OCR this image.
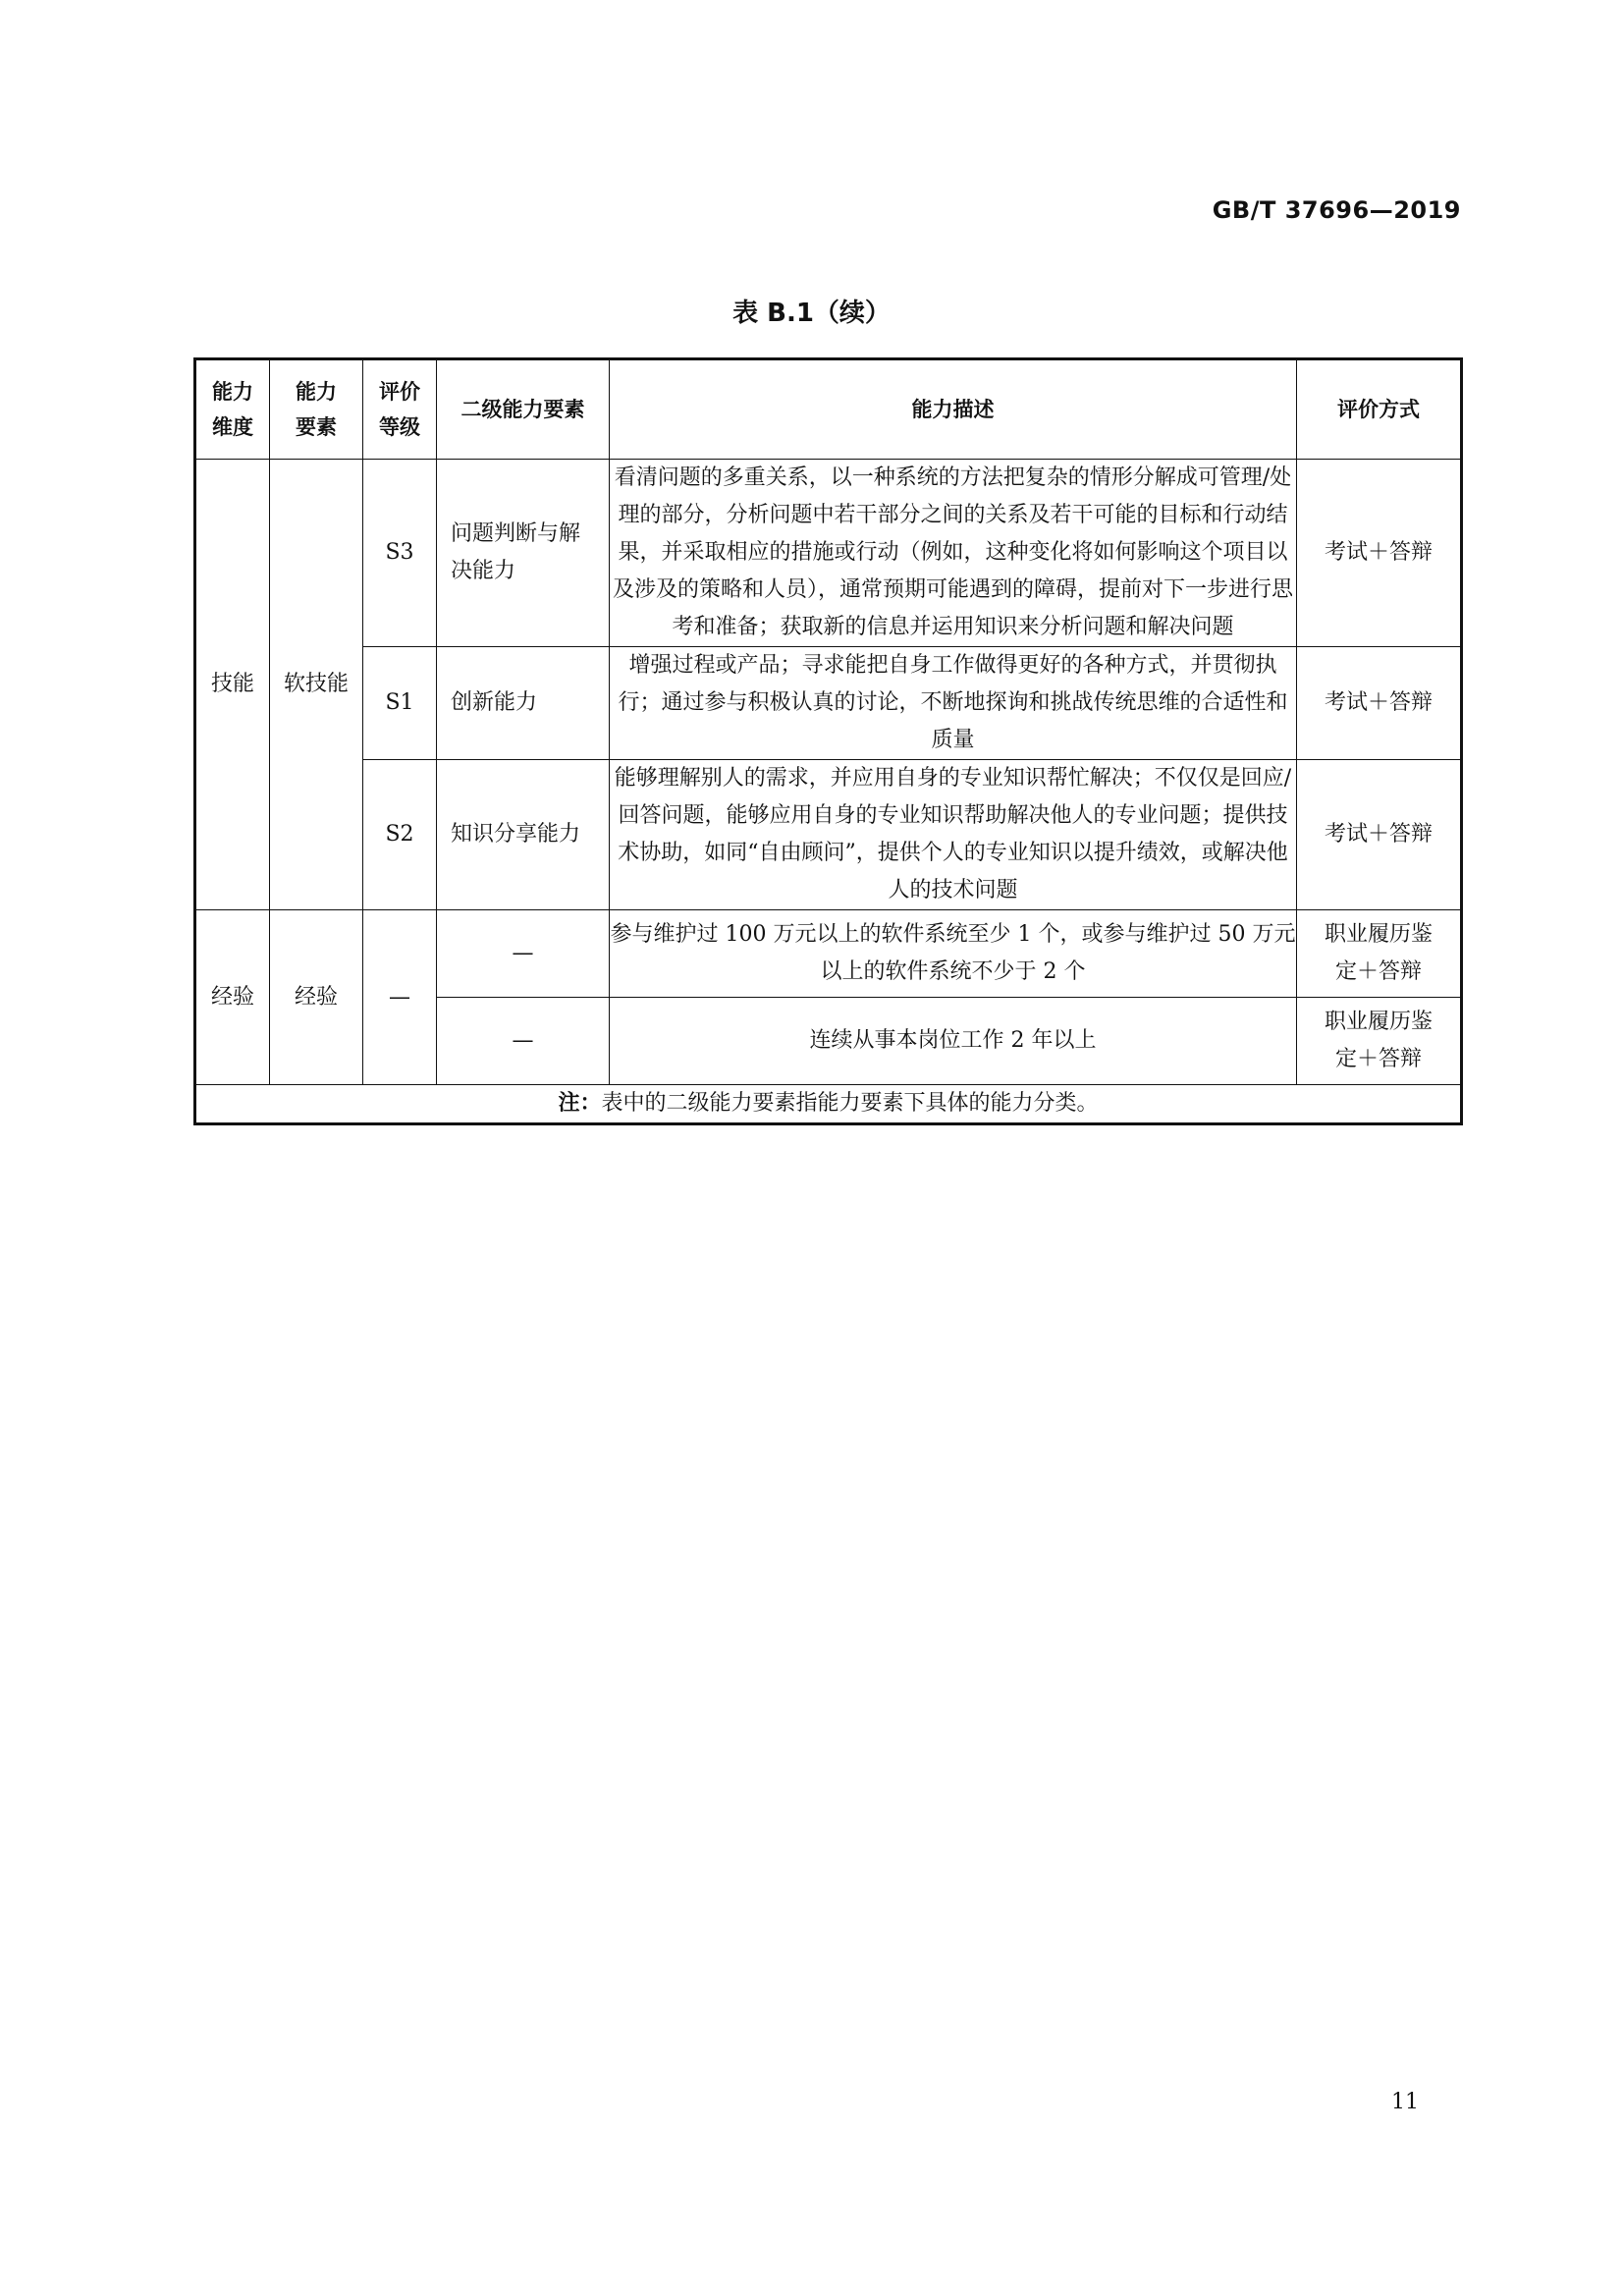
GB/T 37696—2019
表 B.1（续）
能力维度	能力要素	评价等级	二级能力要素	能力描述	评价方式
技能	软技能	S3	问题判断与解决能力	看清问题的多重关系，以一种系统的方法把复杂的情形分解成可管理/处理的部分，分析问题中若干部分之间的关系及若干可能的目标和行动结果，并采取相应的措施或行动（例如，这种变化将如何影响这个项目以及涉及的策略和人员），通常预期可能遇到的障碍，提前对下一步进行思考和准备；获取新的信息并运用知识来分析问题和解决问题	考试＋答辩
		S1	创新能力	增强过程或产品；寻求能把自身工作做得更好的各种方式，并贯彻执行；通过参与积极认真的讨论，不断地探询和挑战传统思维的合适性和质量	考试＋答辩
		S2	知识分享能力	能够理解别人的需求，并应用自身的专业知识帮忙解决；不仅仅是回应/回答问题，能够应用自身的专业知识帮助解决他人的专业问题；提供技术协助，如同“自由顾问”，提供个人的专业知识以提升绩效，或解决他人的技术问题	考试＋答辩
经验	经验	—	—	参与维护过 100 万元以上的软件系统至少 1 个，或参与维护过 50 万元以上的软件系统不少于 2 个	职业履历鉴定＋答辩
			—	连续从事本岗位工作 2 年以上	职业履历鉴定＋答辩
注：表中的二级能力要素指能力要素下具体的能力分类。					
11
